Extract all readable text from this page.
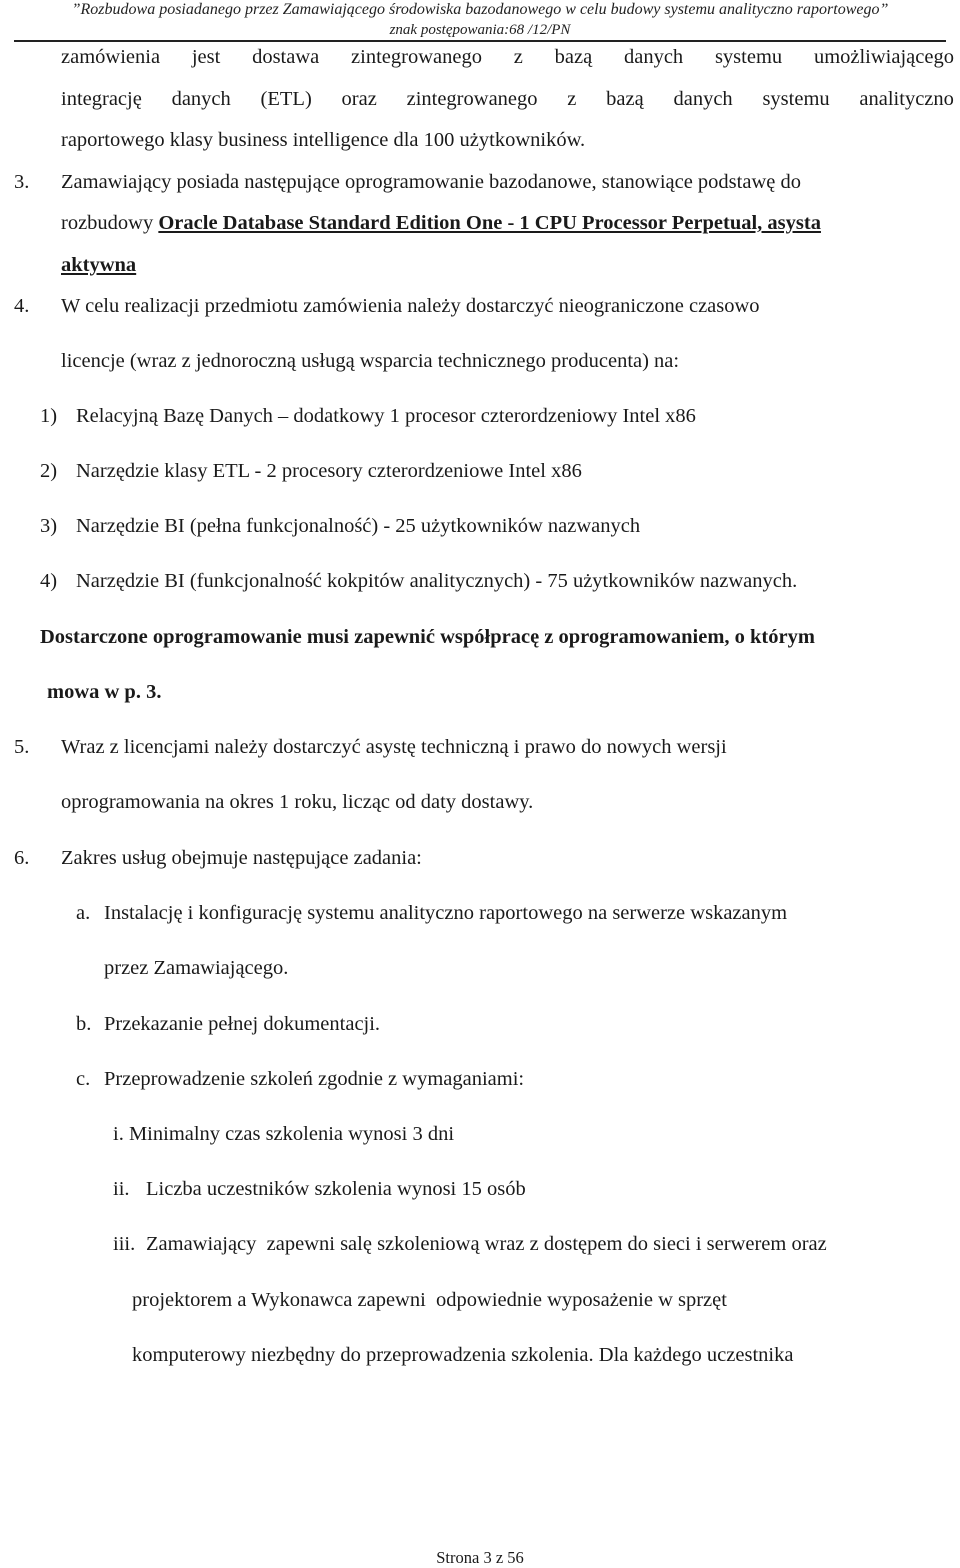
”Rozbudowa posiadanego przez Zamawiającego środowiska bazodanowego w celu budowy systemu analityczno raportowego”
znak postępowania:68 /12/PN
zamówienia jest dostawa zintegrowanego z bazą danych systemu umożliwiającego
integrację danych (ETL) oraz zintegrowanego z bazą danych systemu analityczno
raportowego klasy business intelligence dla 100 użytkowników.
3. Zamawiający posiada następujące oprogramowanie bazodanowe, stanowiące podstawę do
rozbudowy Oracle Database Standard Edition One - 1 CPU Processor Perpetual, asysta
aktywna
4. W celu realizacji przedmiotu zamówienia należy dostarczyć nieograniczone czasowo
licencje (wraz z jednoroczną usługą wsparcia technicznego producenta) na:
1) Relacyjną Bazę Danych – dodatkowy 1 procesor czterordzeniowy Intel x86
2) Narzędzie klasy ETL - 2 procesory czterordzeniowe Intel x86
3) Narzędzie BI (pełna funkcjonalność) - 25 użytkowników nazwanych
4) Narzędzie BI (funkcjonalność kokpitów analitycznych) - 75 użytkowników nazwanych.
Dostarczone oprogramowanie musi zapewnić współpracę z oprogramowaniem, o którym
mowa w p. 3.
5. Wraz z licencjami należy dostarczyć asystę techniczną i prawo do nowych wersji
oprogramowania na okres 1 roku, licząc od daty dostawy.
6. Zakres usług obejmuje następujące zadania:
a. Instalację i konfigurację systemu analityczno raportowego na serwerze wskazanym
przez Zamawiającego.
b. Przekazanie pełnej dokumentacji.
c. Przeprowadzenie szkoleń zgodnie z wymaganiami:
i. Minimalny czas szkolenia wynosi 3 dni
ii. Liczba uczestników szkolenia wynosi 15 osób
iii. Zamawiający  zapewni salę szkoleniową wraz z dostępem do sieci i serwerem oraz
projektorem a Wykonawca zapewni  odpowiednie wyposażenie w sprzęt
komputerowy niezbędny do przeprowadzenia szkolenia. Dla każdego uczestnika
Strona 3 z 56
